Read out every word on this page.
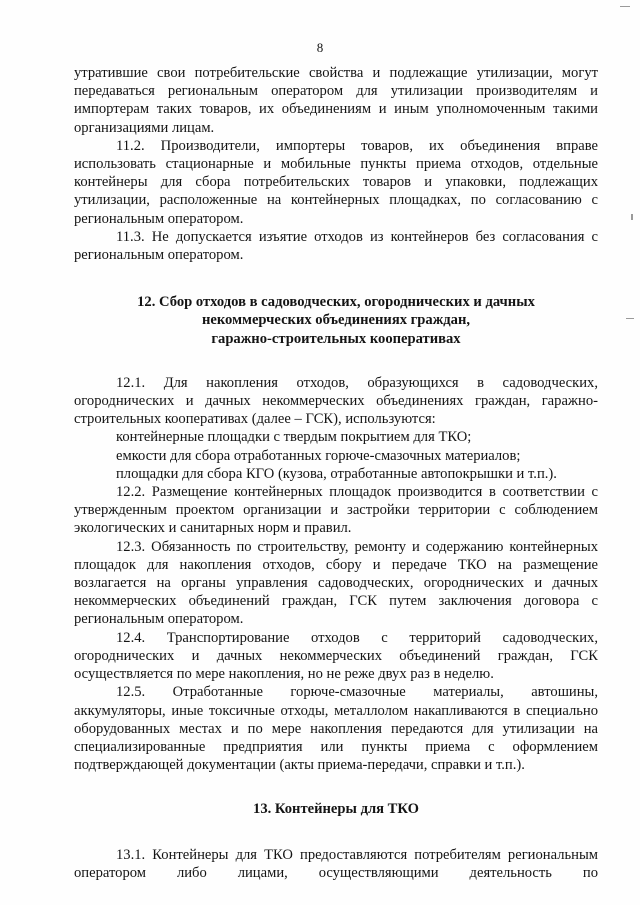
8

утратившие свои потребительские свойства и подлежащие утилизации, могут передаваться региональным оператором для утилизации производителям и импортерам таких товаров, их объединениям и иным уполномоченным такими организациями лицам.

11.2. Производители, импортеры товаров, их объединения вправе использовать стационарные и мобильные пункты приема отходов, отдельные контейнеры для сбора потребительских товаров и упаковки, подлежащих утилизации, расположенные на контейнерных площадках, по согласованию с региональным оператором.

11.3. Не допускается изъятие отходов из контейнеров без согласования с региональным оператором.

12. Сбор отходов в садоводческих, огороднических и дачных
некоммерческих объединениях граждан,
гаражно-строительных кооперативах

12.1. Для накопления отходов, образующихся в садоводческих, огороднических и дачных некоммерческих объединениях граждан, гаражно-строительных кооперативах (далее – ГСК), используются:

контейнерные площадки с твердым покрытием для ТКО;

емкости для сбора отработанных горюче-смазочных материалов;

площадки для сбора КГО (кузова, отработанные автопокрышки и т.п.).

12.2. Размещение контейнерных площадок производится в соответствии с утвержденным проектом организации и застройки территории с соблюдением экологических и санитарных норм и правил.

12.3. Обязанность по строительству, ремонту и содержанию контейнерных площадок для накопления отходов, сбору и передаче ТКО на размещение возлагается на органы управления садоводческих, огороднических и дачных некоммерческих объединений граждан, ГСК путем заключения договора с региональным оператором.

12.4. Транспортирование отходов с территорий садоводческих, огороднических и дачных некоммерческих объединений граждан, ГСК осуществляется по мере накопления, но не реже двух раз в неделю.

12.5. Отработанные горюче-смазочные материалы, автошины, аккумуляторы, иные токсичные отходы, металлолом накапливаются в специально оборудованных местах и по мере накопления передаются для утилизации на специализированные предприятия или пункты приема с оформлением подтверждающей документации (акты приема-передачи, справки и т.п.).

13. Контейнеры для ТКО

13.1. Контейнеры для ТКО предоставляются потребителям региональным оператором либо лицами, осуществляющими деятельность по
